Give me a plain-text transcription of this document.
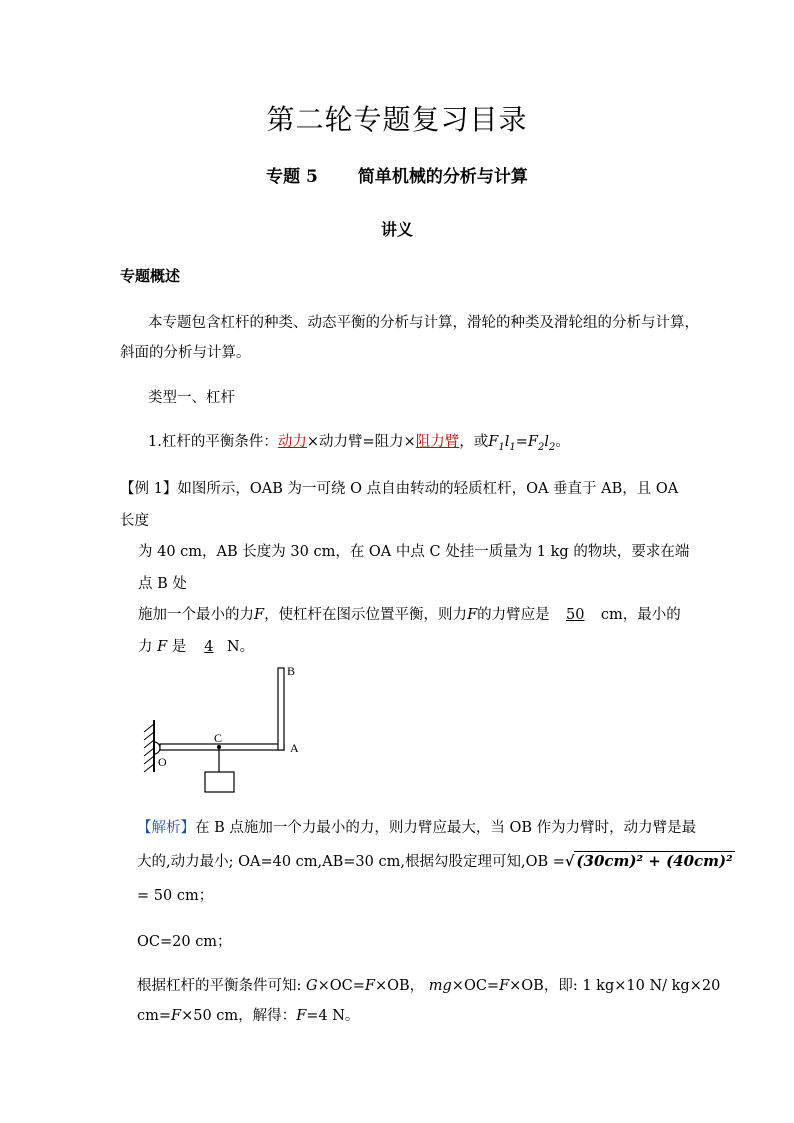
第二轮专题复习目录
专题 5 简单机械的分析与计算
讲义
专题概述
本专题包含杠杆的种类、动态平衡的分析与计算，滑轮的种类及滑轮组的分析与计算，斜面的分析与计算。
类型一、杠杆
1.杠杆的平衡条件：动力×动力臂=阻力×阻力臂，或$F_1l_1=F_2l_2$。
【例 1】如图所示，OAB 为一可绕 O 点自由转动的轻质杠杆，OA 垂直于 AB，且 OA 长度
为 40 cm，AB 长度为 30 cm，在 OA 中点 C 处挂一质量为 1 kg 的物块，要求在端点 B 处
施加一个最小的力F，使杠杆在图示位置平衡，则力F的力臂应是 50 cm，最小的
力 F 是 4 N。
B
C
A
O
【解析】在 B 点施加一个力最小的力，则力臂应最大，当 OB 作为力臂时，动力臂是最
大的,动力最小; OA=40 cm,AB=30 cm,根据勾股定理可知,OB =√ (30cm)² + (40cm)²
= 50 cm；
OC=20 cm；
根据杠杆的平衡条件可知: G×OC=F×OB， mg×OC=F×OB，即: 1 kg×10 N/ kg×20
cm=F×50 cm，解得：F=4 N。
